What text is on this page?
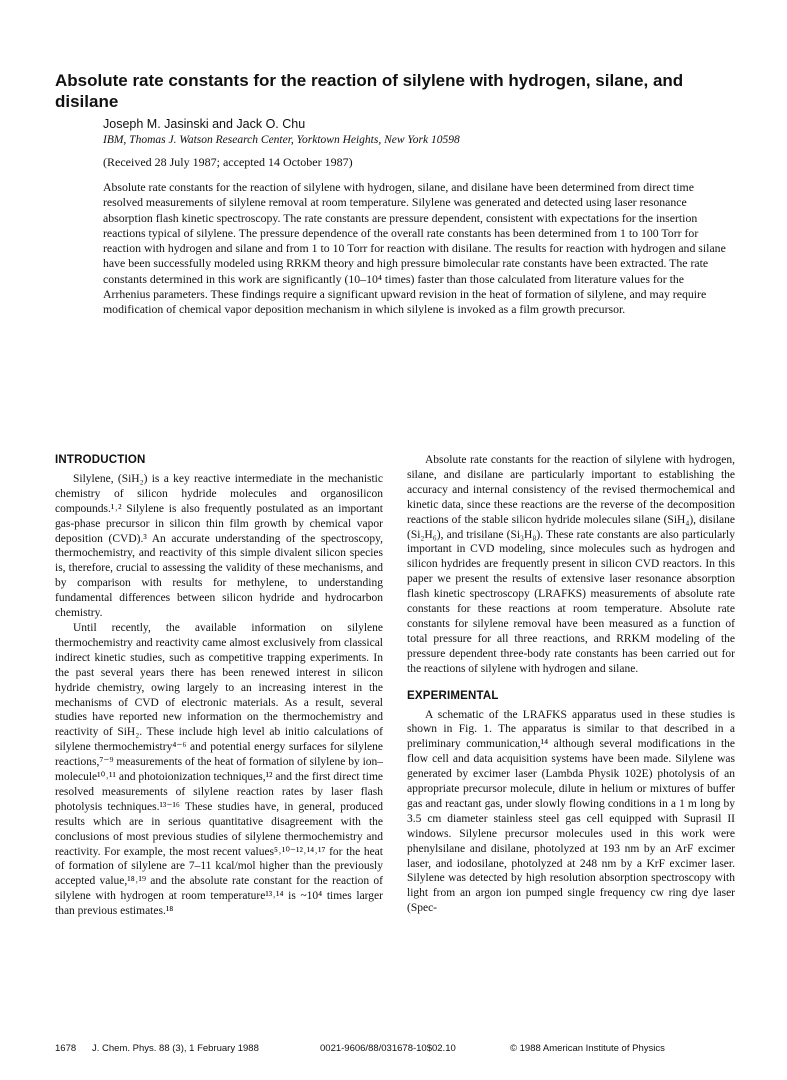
Absolute rate constants for the reaction of silylene with hydrogen, silane, and disilane

Joseph M. Jasinski and Jack O. Chu

IBM, Thomas J. Watson Research Center, Yorktown Heights, New York 10598

(Received 28 July 1987; accepted 14 October 1987)

Absolute rate constants for the reaction of silylene with hydrogen, silane, and disilane have been determined from direct time resolved measurements of silylene removal at room temperature. Silylene was generated and detected using laser resonance absorption flash kinetic spectroscopy. The rate constants are pressure dependent, consistent with expectations for the insertion reactions typical of silylene. The pressure dependence of the overall rate constants has been determined from 1 to 100 Torr for reaction with hydrogen and silane and from 1 to 10 Torr for reaction with disilane. The results for reaction with hydrogen and silane have been successfully modeled using RRKM theory and high pressure bimolecular rate constants have been extracted. The rate constants determined in this work are significantly (10–10⁴ times) faster than those calculated from literature values for the Arrhenius parameters. These findings require a significant upward revision in the heat of formation of silylene, and may require modification of chemical vapor deposition mechanism in which silylene is invoked as a film growth precursor.

INTRODUCTION

Silylene, (SiH₂) is a key reactive intermediate in the mechanistic chemistry of silicon hydride molecules and organosilicon compounds.¹˒² Silylene is also frequently postulated as an important gas-phase precursor in silicon thin film growth by chemical vapor deposition (CVD).³ An accurate understanding of the spectroscopy, thermochemistry, and reactivity of this simple divalent silicon species is, therefore, crucial to assessing the validity of these mechanisms, and by comparison with results for methylene, to understanding fundamental differences between silicon hydride and hydrocarbon chemistry.

Until recently, the available information on silylene thermochemistry and reactivity came almost exclusively from classical indirect kinetic studies, such as competitive trapping experiments. In the past several years there has been renewed interest in silicon hydride chemistry, owing largely to an increasing interest in the mechanisms of CVD of electronic materials. As a result, several studies have reported new information on the thermochemistry and reactivity of SiH₂. These include high level ab initio calculations of silylene thermochemistry⁴⁻⁶ and potential energy surfaces for silylene reactions,⁷⁻⁹ measurements of the heat of formation of silylene by ion–molecule¹⁰˒¹¹ and photoionization techniques,¹² and the first direct time resolved measurements of silylene reaction rates by laser flash photolysis techniques.¹³⁻¹⁶ These studies have, in general, produced results which are in serious quantitative disagreement with the conclusions of most previous studies of silylene thermochemistry and reactivity. For example, the most recent values⁵˒¹⁰⁻¹²˒¹⁴˒¹⁷ for the heat of formation of silylene are 7–11 kcal/mol higher than the previously accepted value,¹⁸˒¹⁹ and the absolute rate constant for the reaction of silylene with hydrogen at room temperature¹³˒¹⁴ is ~10⁴ times larger than previous estimates.¹⁸

Absolute rate constants for the reaction of silylene with hydrogen, silane, and disilane are particularly important to establishing the accuracy and internal consistency of the revised thermochemical and kinetic data, since these reactions are the reverse of the decomposition reactions of the stable silicon hydride molecules silane (SiH₄), disilane (Si₂H₆), and trisilane (Si₃H₈). These rate constants are also particularly important in CVD modeling, since molecules such as hydrogen and silicon hydrides are frequently present in silicon CVD reactors. In this paper we present the results of extensive laser resonance absorption flash kinetic spectroscopy (LRAFKS) measurements of absolute rate constants for these reactions at room temperature. Absolute rate constants for silylene removal have been measured as a function of total pressure for all three reactions, and RRKM modeling of the pressure dependent three-body rate constants has been carried out for the reactions of silylene with hydrogen and silane.

EXPERIMENTAL

A schematic of the LRAFKS apparatus used in these studies is shown in Fig. 1. The apparatus is similar to that described in a preliminary communication,¹⁴ although several modifications in the flow cell and data acquisition systems have been made. Silylene was generated by excimer laser (Lambda Physik 102E) photolysis of an appropriate precursor molecule, dilute in helium or mixtures of buffer gas and reactant gas, under slowly flowing conditions in a 1 m long by 3.5 cm diameter stainless steel gas cell equipped with Suprasil II windows. Silylene precursor molecules used in this work were phenylsilane and disilane, photolyzed at 193 nm by an ArF excimer laser, and iodosilane, photolyzed at 248 nm by a KrF excimer laser. Silylene was detected by high resolution absorption spectroscopy with light from an argon ion pumped single frequency cw ring dye laser (Spec-

1678 J. Chem. Phys. 88 (3), 1 February 1988	0021-9606/88/031678-10$02.10	© 1988 American Institute of Physics
